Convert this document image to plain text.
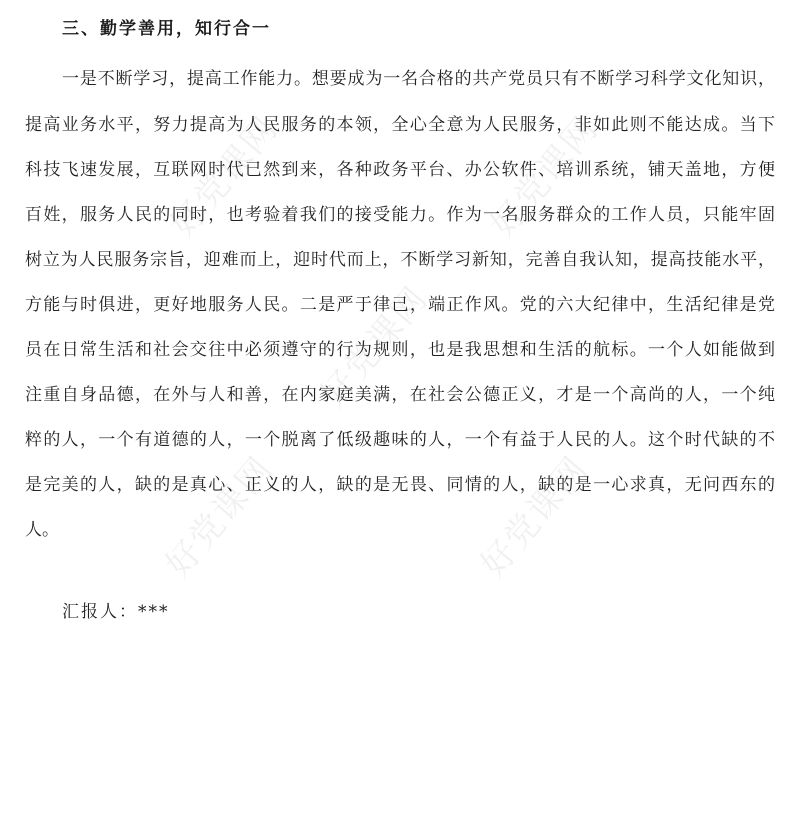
好党课网	好党课网
好党课网
好党课网	好党课网
三、勤学善用，知行合一
一是不断学习，提高工作能力。想要成为一名合格的共产党员只有不断学习科学文化知识，
提高业务水平，努力提高为人民服务的本领，全心全意为人民服务，非如此则不能达成。当下
科技飞速发展，互联网时代已然到来，各种政务平台、办公软件、培训系统，铺天盖地，方便
百姓，服务人民的同时，也考验着我们的接受能力。作为一名服务群众的工作人员，只能牢固
树立为人民服务宗旨，迎难而上，迎时代而上，不断学习新知，完善自我认知，提高技能水平，
方能与时俱进，更好地服务人民。二是严于律己，端正作风。党的六大纪律中，生活纪律是党
员在日常生活和社会交往中必须遵守的行为规则，也是我思想和生活的航标。一个人如能做到
注重自身品德，在外与人和善，在内家庭美满，在社会公德正义，才是一个高尚的人，一个纯
粹的人，一个有道德的人，一个脱离了低级趣味的人，一个有益于人民的人。这个时代缺的不
是完美的人，缺的是真心、正义的人，缺的是无畏、同情的人，缺的是一心求真，无问西东的
人。
汇报人：***
